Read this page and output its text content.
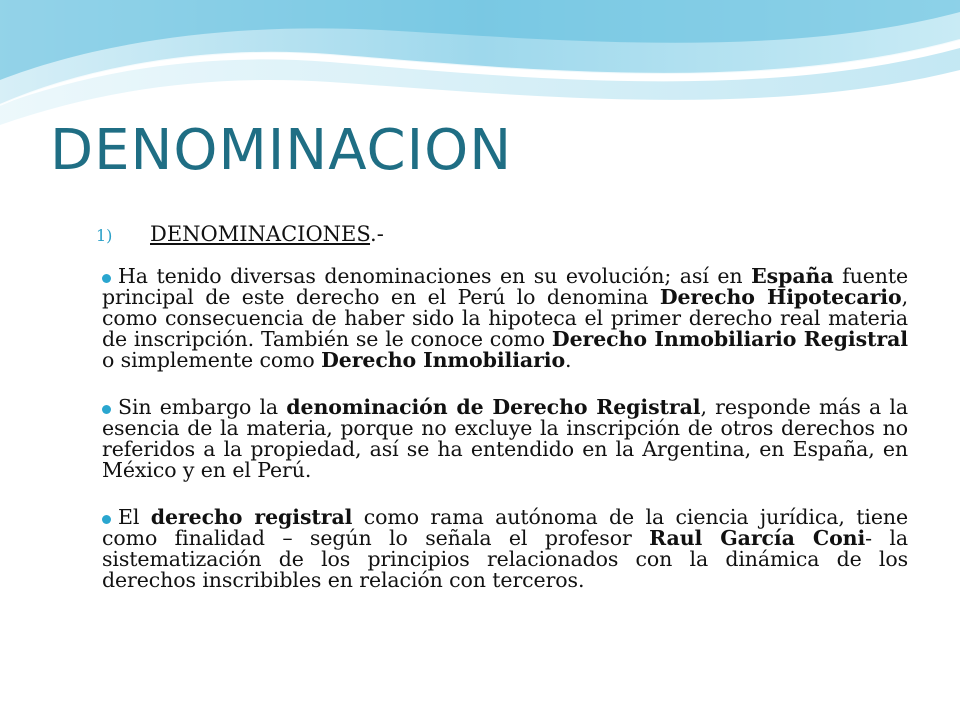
DENOMINACION
1)	DENOMINACIONES.-

Ha tenido diversas denominaciones en su evolución; así en España fuente principal de este derecho en el Perú lo denomina Derecho Hipotecario, como consecuencia de haber sido la hipoteca el primer derecho real materia de inscripción. También se le conoce como Derecho Inmobiliario Registral o simplemente como Derecho Inmobiliario.

Sin embargo la denominación de Derecho Registral, responde más a la esencia de la materia, porque no excluye la inscripción de otros derechos no referidos a la propiedad, así se ha entendido en la Argentina, en España, en México y en el Perú.

El derecho registral como rama autónoma de la ciencia jurídica, tiene como finalidad – según lo señala el profesor Raul García Coni- la sistematización de los principios relacionados con la dinámica de los derechos inscribibles en relación con terceros.
